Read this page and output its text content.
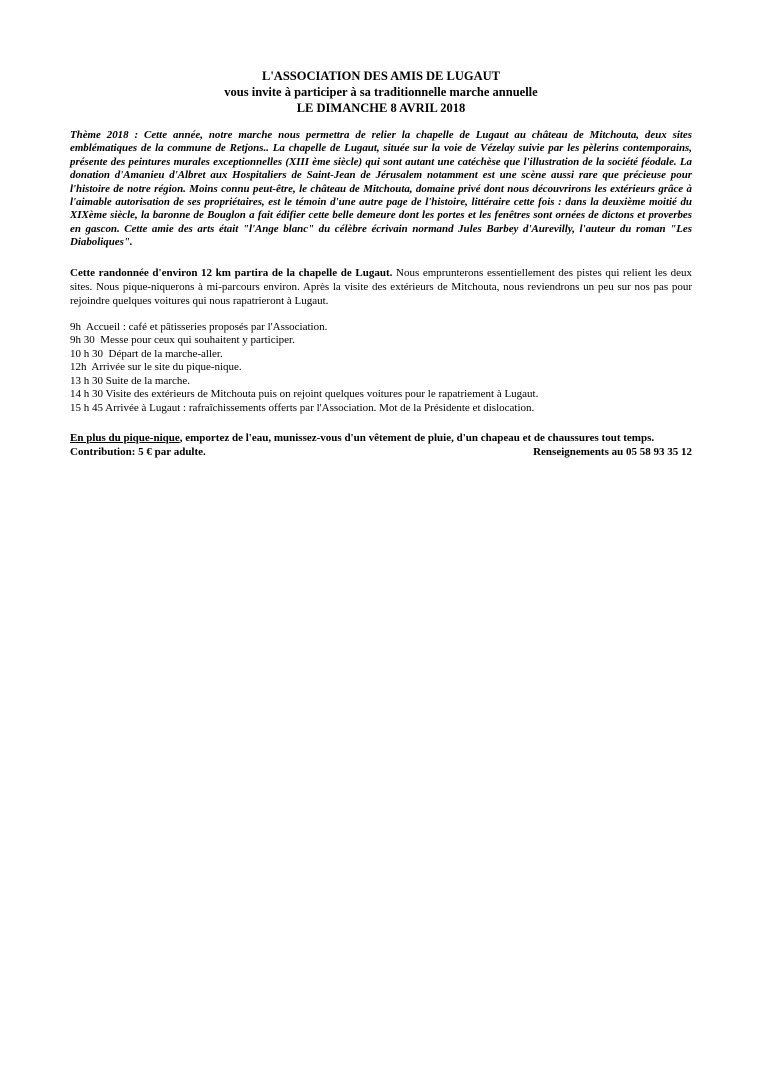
L'ASSOCIATION DES AMIS DE LUGAUT
vous invite à participer à sa traditionnelle marche annuelle
LE DIMANCHE 8 AVRIL 2018

Thème 2018 : Cette année, notre marche nous permettra de relier la chapelle de Lugaut au château de Mitchouta, deux sites emblématiques de la commune de Retjons.. La chapelle de Lugaut, située sur la voie de Vézelay suivie par les pèlerins contemporains, présente des peintures murales exceptionnelles (XIII ème siècle) qui sont autant une catéchèse que l'illustration de la société féodale. La donation d'Amanieu d'Albret aux Hospitaliers de Saint-Jean de Jérusalem notamment est une scène aussi rare que précieuse pour l'histoire de notre région. Moins connu peut-être, le château de Mitchouta, domaine privé dont nous découvrirons les extérieurs grâce à l'aimable autorisation de ses propriétaires, est le témoin d'une autre page de l'histoire, littéraire cette fois : dans la deuxième moitié du XIXème siècle, la baronne de Bouglon a fait édifier cette belle demeure dont les portes et les fenêtres sont ornées de dictons et proverbes en gascon. Cette amie des arts était "l'Ange blanc" du célèbre écrivain normand Jules Barbey d'Aurevilly, l'auteur du roman "Les Diaboliques".

Cette randonnée d'environ 12 km partira de la chapelle de Lugaut. Nous emprunterons essentiellement des pistes qui relient les deux sites. Nous pique-niquerons à mi-parcours environ. Après la visite des extérieurs de Mitchouta, nous reviendrons un peu sur nos pas pour rejoindre quelques voitures qui nous rapatrieront à Lugaut.

9h  Accueil : café et pâtisseries proposés par l'Association.
9h 30  Messe pour ceux qui souhaitent y participer.
10 h 30  Départ de la marche-aller.
12h  Arrivée sur le site du pique-nique.
13 h 30 Suite de la marche.
14 h 30 Visite des extérieurs de Mitchouta puis on rejoint quelques voitures pour le rapatriement à Lugaut.
15 h 45 Arrivée à Lugaut : rafraîchissements offerts par l'Association. Mot de la Présidente et dislocation.
En plus du pique-nique, emportez de l'eau, munissez-vous d'un vêtement de pluie, d'un chapeau et de chaussures tout temps.
Contribution: 5 € par adulte.	Renseignements au 05 58 93 35 12
